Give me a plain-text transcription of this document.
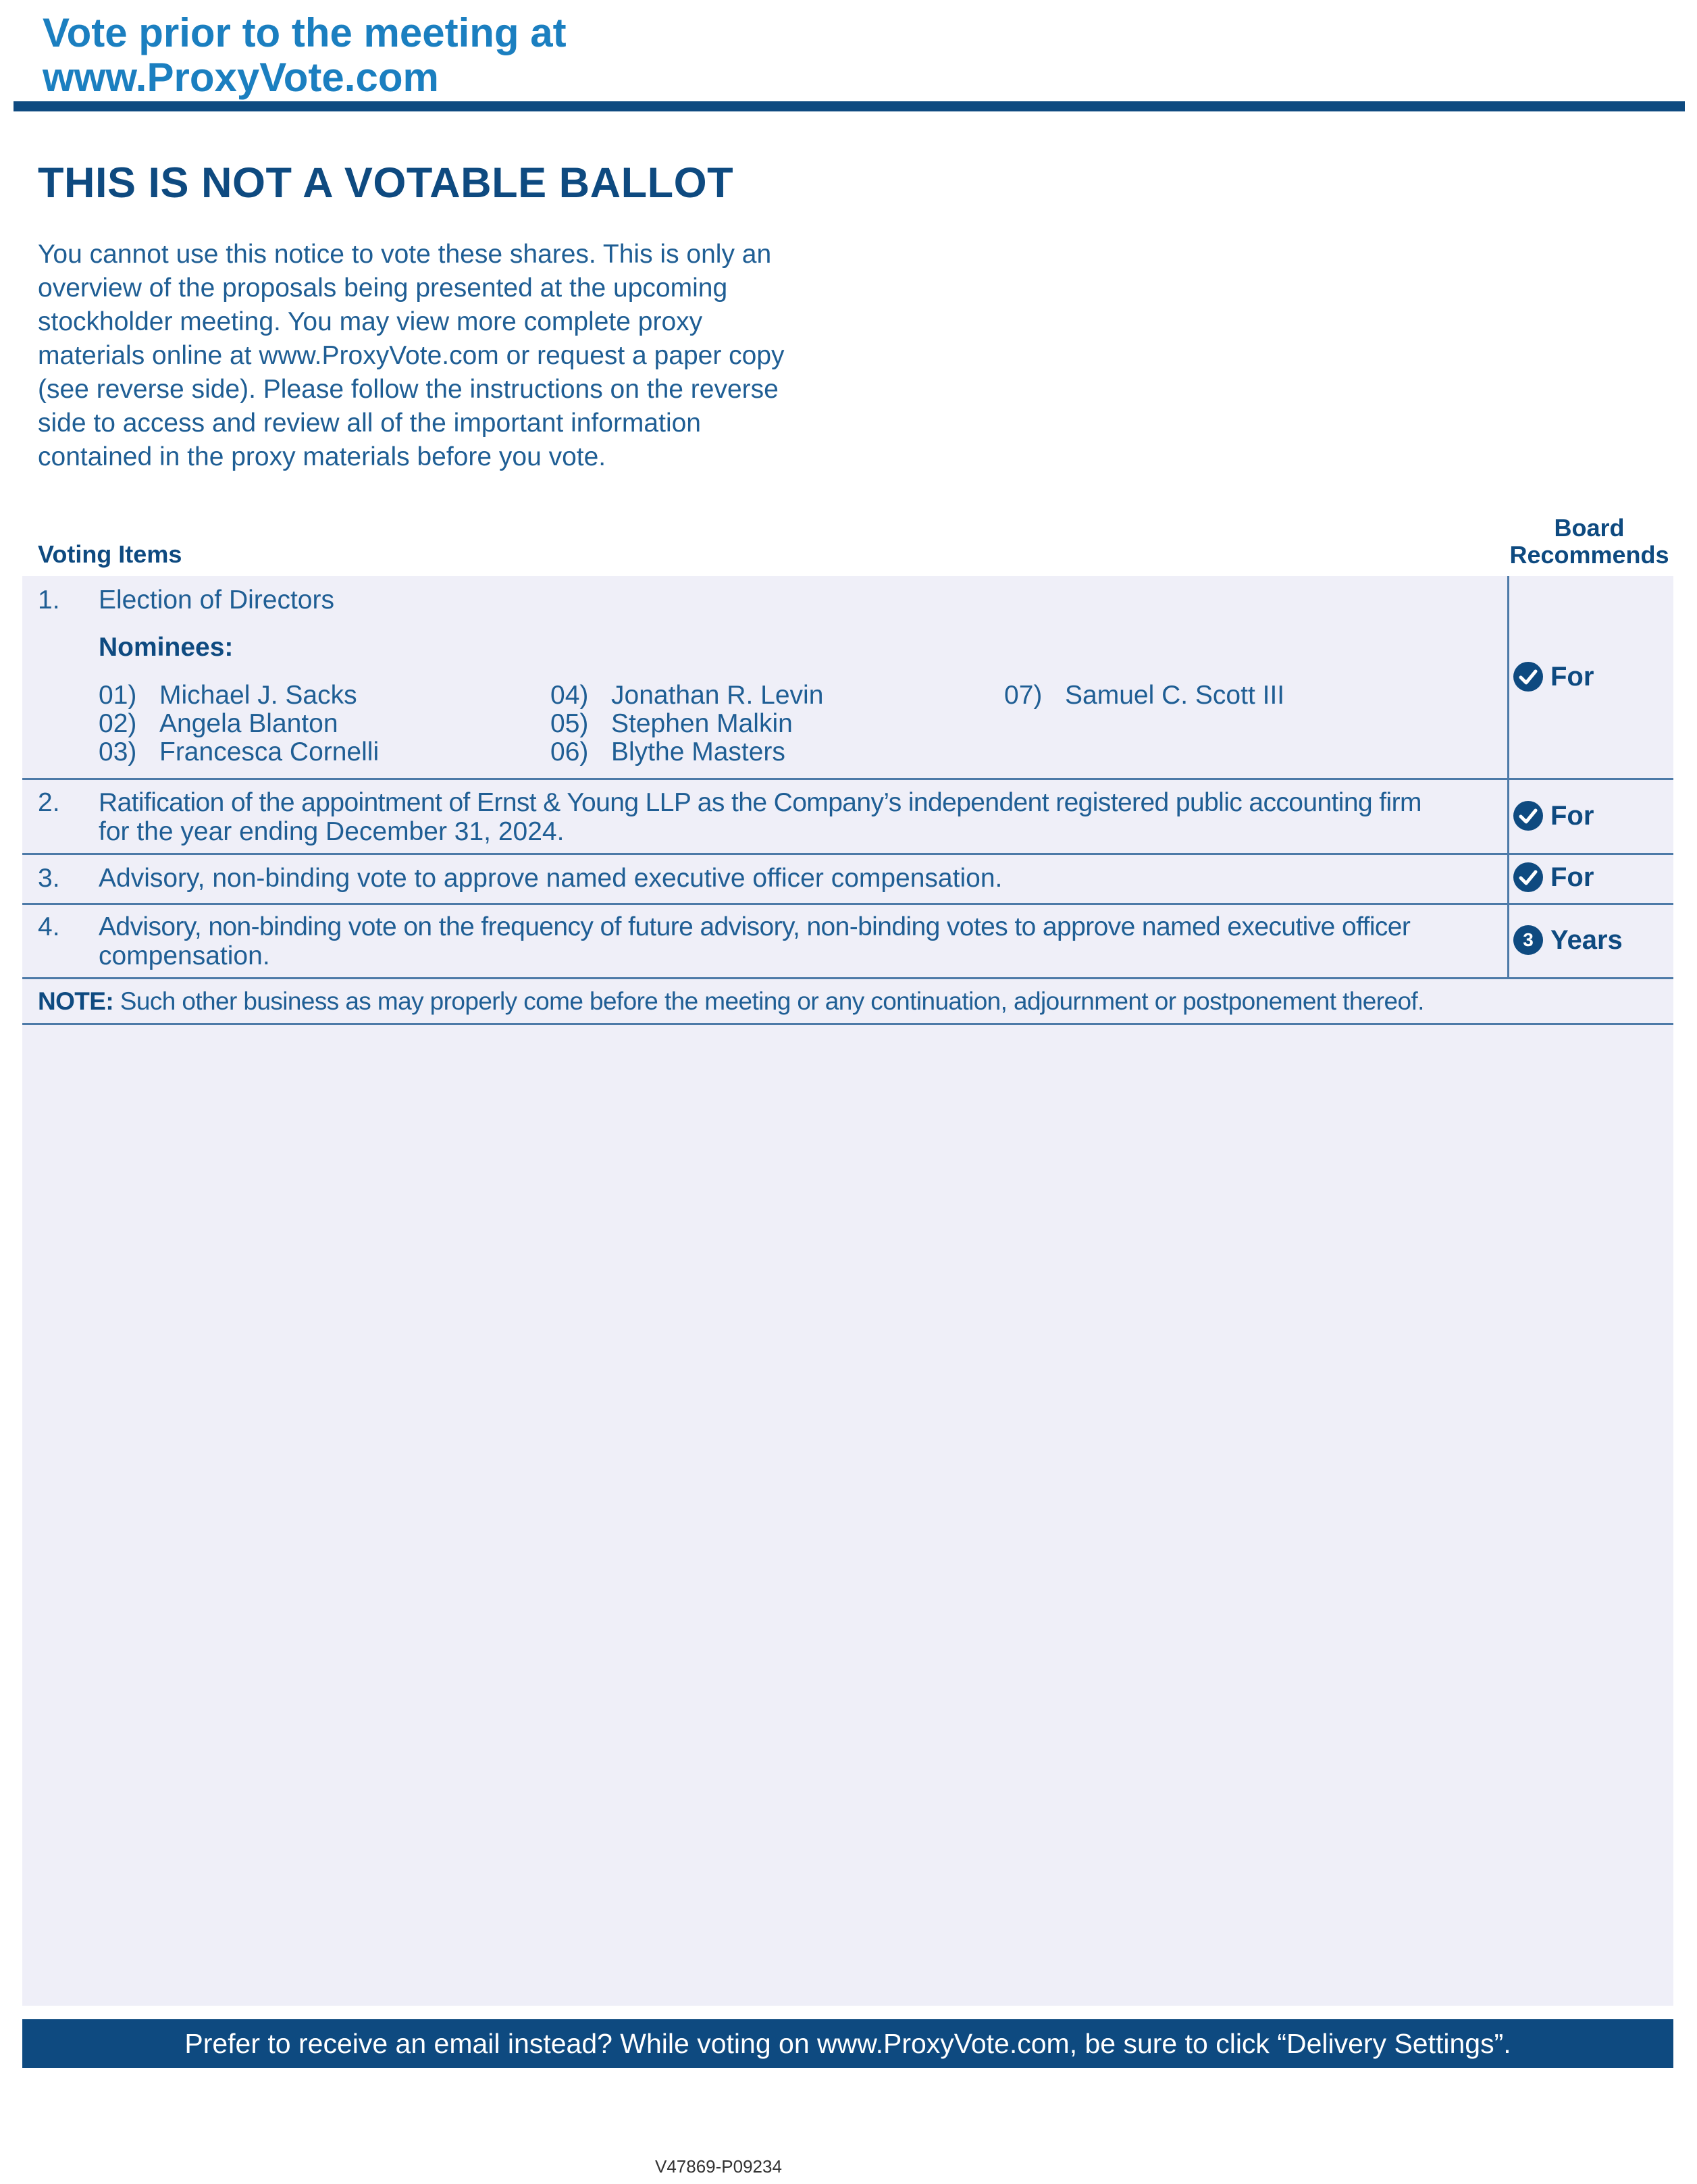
Vote prior to the meeting at
www.ProxyVote.com
THIS IS NOT A VOTABLE BALLOT
You cannot use this notice to vote these shares. This is only an
overview of the proposals being presented at the upcoming
stockholder meeting. You may view more complete proxy
materials online at www.ProxyVote.com or request a paper copy
(see reverse side). Please follow the instructions on the reverse
side to access and review all of the important information
contained in the proxy materials before you vote.
Voting Items
Board
Recommends
1. Election of Directors
Nominees:
01) Michael J. Sacks
02) Angela Blanton
03) Francesca Cornelli
04) Jonathan R. Levin
05) Stephen Malkin
06) Blythe Masters
07) Samuel C. Scott III
For
2. Ratification of the appointment of Ernst & Young LLP as the Company’s independent registered public accounting firm
for the year ending December 31, 2024.
For
3. Advisory, non-binding vote to approve named executive officer compensation.	For
4. Advisory, non-binding vote on the frequency of future advisory, non-binding votes to approve named executive officer
compensation.
3 Years
NOTE: Such other business as may properly come before the meeting or any continuation, adjournment or postponement thereof.
Prefer to receive an email instead? While voting on www.ProxyVote.com, be sure to click “Delivery Settings”.
V47869-P09234
